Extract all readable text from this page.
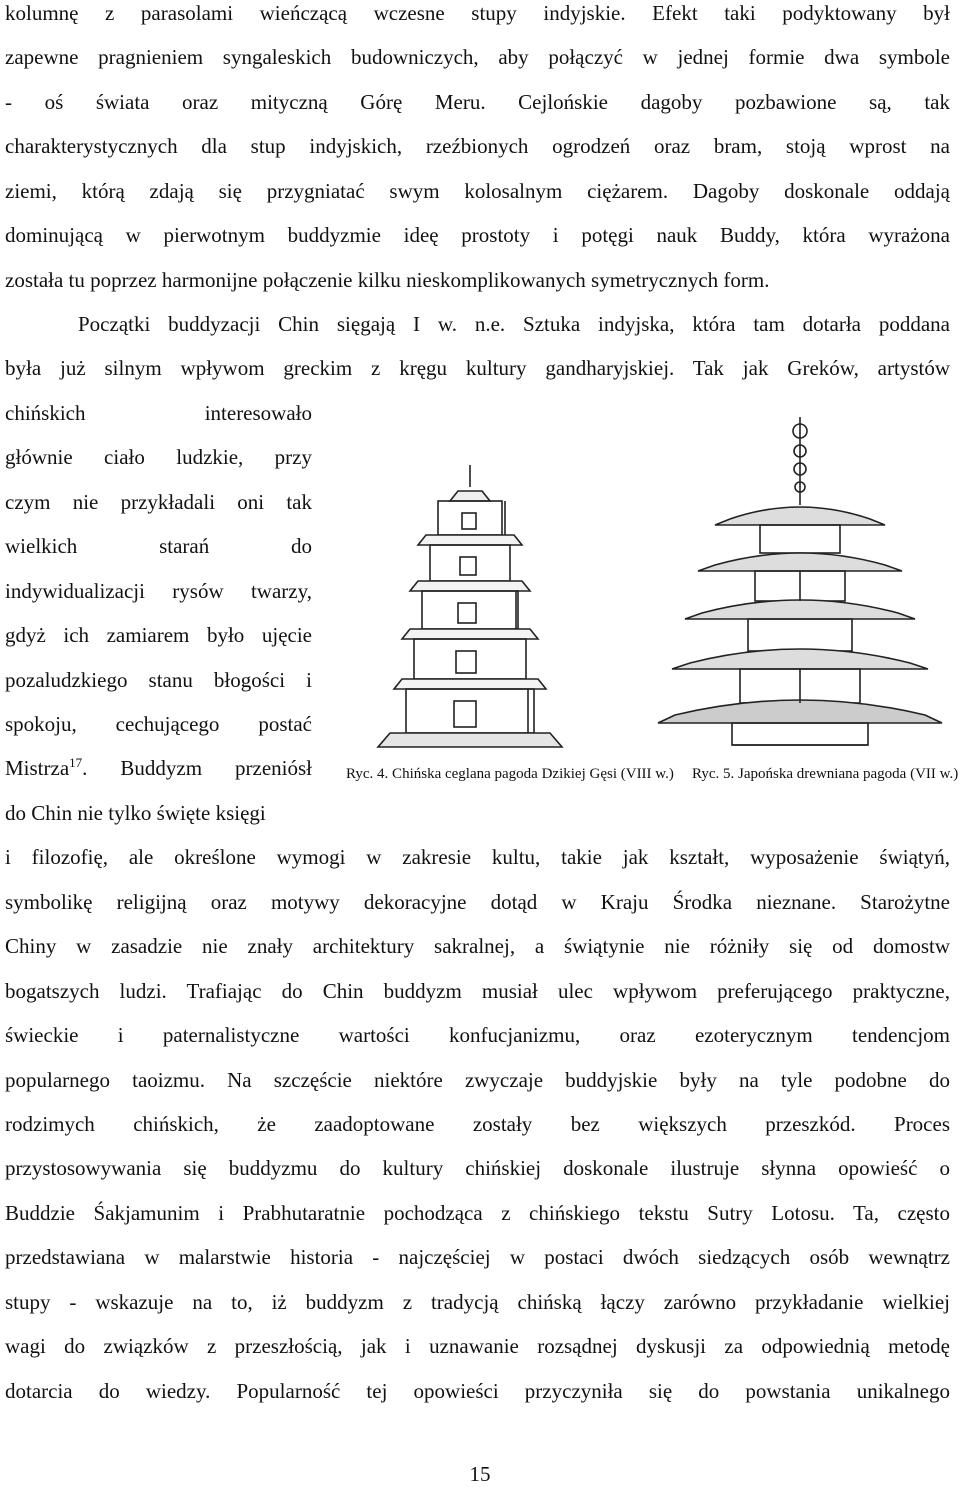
kolumnę z parasolami wieńczącą wczesne stupy indyjskie. Efekt taki podyktowany był
zapewne pragnieniem syngaleskich budowniczych, aby połączyć w jednej formie dwa symbole
- oś świata oraz mityczną Górę Meru. Cejlońskie dagoby pozbawione są, tak
charakterystycznych dla stup indyjskich, rzeźbionych ogrodzeń oraz bram, stoją wprost na
ziemi, którą zdają się przygniatać swym kolosalnym ciężarem. Dagoby doskonale oddają
dominującą w pierwotnym buddyzmie ideę prostoty i potęgi nauk Buddy, która wyrażona
została tu poprzez harmonijne połączenie kilku nieskomplikowanych symetrycznych form.
Początki buddyzacji Chin sięgają I w. n.e. Sztuka indyjska, która tam dotarła poddana
była już silnym wpływom greckim z kręgu kultury gandharyjskiej. Tak jak Greków, artystów
chińskich interesowało
głównie ciało ludzkie, przy
czym nie przykładali oni tak
wielkich starań do
indywidualizacji rysów twarzy,
gdyż ich zamiarem było ujęcie
pozaludzkiego stanu błogości i
spokoju, cechującego postać
Mistrza$^{17}$. Buddyzm przeniósł
do Chin nie tylko święte księgi
Ryc. 4. Chińska ceglana pagoda Dzikiej Gęsi (VIII w.) Ryc. 5. Japońska drewniana pagoda (VII w.)
i filozofię, ale określone wymogi w zakresie kultu, takie jak kształt, wyposażenie świątyń,
symbolikę religijną oraz motywy dekoracyjne dotąd w Kraju Środka nieznane. Starożytne
Chiny w zasadzie nie znały architektury sakralnej, a świątynie nie różniły się od domostw
bogatszych ludzi. Trafiając do Chin buddyzm musiał ulec wpływom preferującego praktyczne,
świeckie i paternalistyczne wartości konfucjanizmu, oraz ezoterycznym tendencjom
popularnego taoizmu. Na szczęście niektóre zwyczaje buddyjskie były na tyle podobne do
rodzimych chińskich, że zaadoptowane zostały bez większych przeszkód. Proces
przystosowywania się buddyzmu do kultury chińskiej doskonale ilustruje słynna opowieść o
Buddzie Śakjamunim i Prabhutaratnie pochodząca z chińskiego tekstu Sutry Lotosu. Ta, często
przedstawiana w malarstwie historia - najczęściej w postaci dwóch siedzących osób wewnątrz
stupy - wskazuje na to, iż buddyzm z tradycją chińską łączy zarówno przykładanie wielkiej
wagi do związków z przeszłością, jak i uznawanie rozsądnej dyskusji za odpowiednią metodę
dotarcia do wiedzy. Popularność tej opowieści przyczyniła się do powstania unikalnego
15
